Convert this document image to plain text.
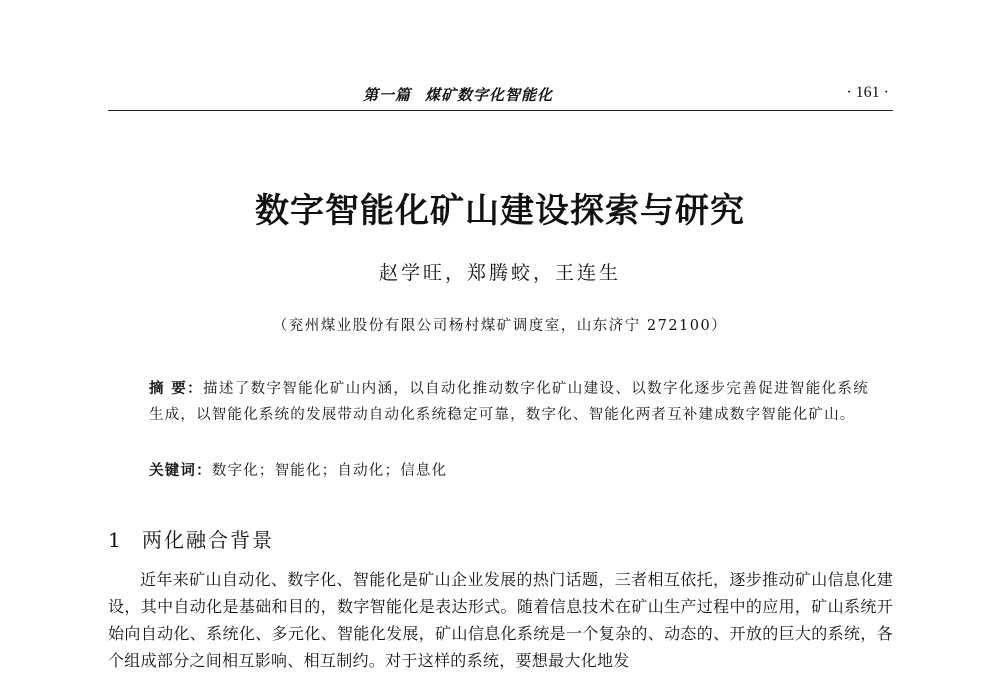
第一篇 煤矿数字化智能化	· 161 ·
数字智能化矿山建设探索与研究
赵学旺，郑腾蛟，王连生
（兖州煤业股份有限公司杨村煤矿调度室，山东济宁 272100）
摘 要：描述了数字智能化矿山内涵，以自动化推动数字化矿山建设、以数字化逐步完善促进智能化系统生成，以智能化系统的发展带动自动化系统稳定可靠，数字化、智能化两者互补建成数字智能化矿山。
关键词：数字化；智能化；自动化；信息化
1 两化融合背景
近年来矿山自动化、数字化、智能化是矿山企业发展的热门话题，三者相互依托，逐步推动矿山信息化建设，其中自动化是基础和目的，数字智能化是表达形式。随着信息技术在矿山生产过程中的应用，矿山系统开始向自动化、系统化、多元化、智能化发展，矿山信息化系统是一个复杂的、动态的、开放的巨大的系统，各个组成部分之间相互影响、相互制约。对于这样的系统，要想最大化地发
